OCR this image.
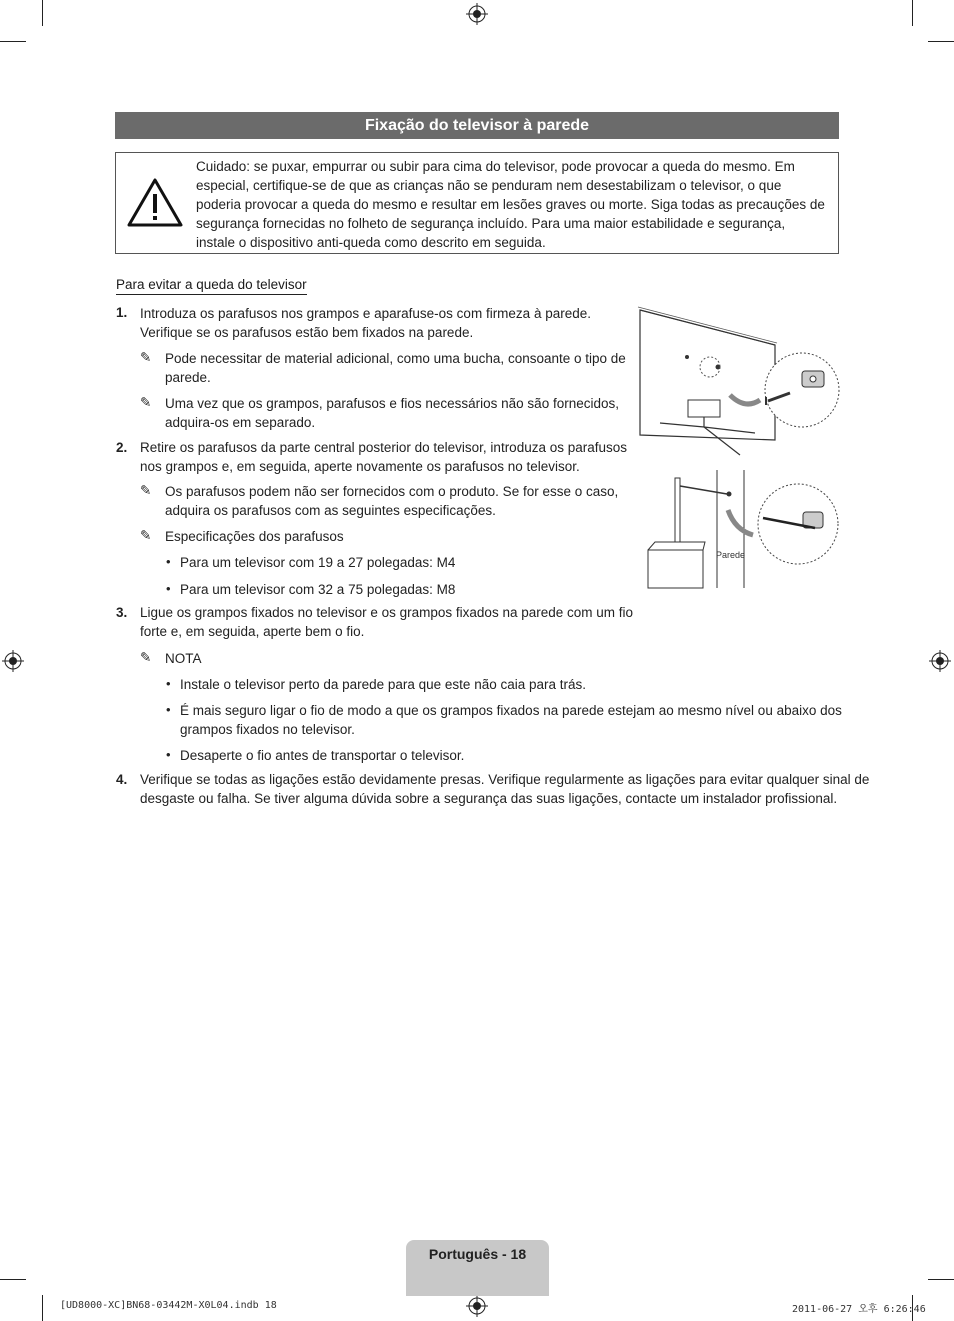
Fixação do televisor à parede
Cuidado: se puxar, empurrar ou subir para cima do televisor, pode provocar a queda do mesmo. Em especial, certifique-se de que as crianças não se penduram nem desestabilizam o televisor, o que poderia provocar a queda do mesmo e resultar em lesões graves ou morte. Siga todas as precauções de segurança fornecidas no folheto de segurança incluído. Para uma maior estabilidade e segurança, instale o dispositivo anti-queda como descrito em seguida.
Para evitar a queda do televisor
1. Introduza os parafusos nos grampos e aparafuse-os com firmeza à parede.
Verifique se os parafusos estão bem fixados na parede.
✎ Pode necessitar de material adicional, como uma bucha, consoante o tipo de
parede.
✎ Uma vez que os grampos, parafusos e fios necessários não são fornecidos,
adquira-os em separado.
2. Retire os parafusos da parte central posterior do televisor, introduza os parafusos
nos grampos e, em seguida, aperte novamente os parafusos no televisor.
✎ Os parafusos podem não ser fornecidos com o produto. Se for esse o caso,
adquira os parafusos com as seguintes especificações.
✎ Especificações dos parafusos
• Para um televisor com 19 a 27 polegadas: M4
• Para um televisor com 32 a 75 polegadas: M8
3. Ligue os grampos fixados no televisor e os grampos fixados na parede com um fio
forte e, em seguida, aperte bem o fio.
✎ NOTA
• Instale o televisor perto da parede para que este não caia para trás.
• É mais seguro ligar o fio de modo a que os grampos fixados na parede estejam ao mesmo nível ou abaixo dos
grampos fixados no televisor.
• Desaperte o fio antes de transportar o televisor.
4. Verifique se todas as ligações estão devidamente presas. Verifique regularmente as ligações para evitar qualquer sinal de
desgaste ou falha. Se tiver alguma dúvida sobre a segurança das suas ligações, contacte um instalador profissional.
Parede
Português - 18
[UD8000-XC]BN68-03442M-X0L04.indb 18	2011-06-27 오후 6:26:46
